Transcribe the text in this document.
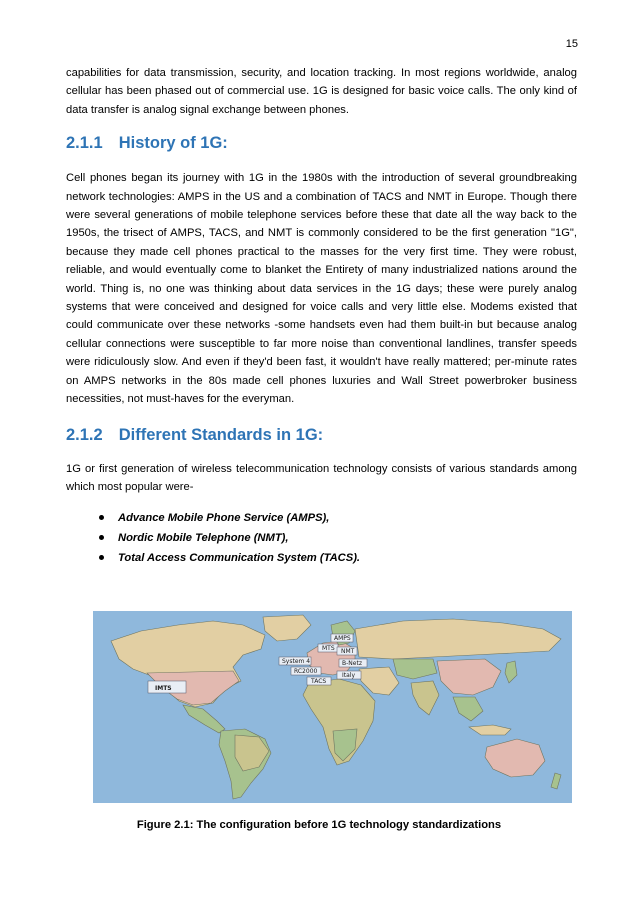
15

capabilities for data transmission, security, and location tracking. In most regions worldwide, analog cellular has been phased out of commercial use. 1G is designed for basic voice calls. The only kind of data transfer is analog signal exchange between phones.

2.1.1 History of 1G:

Cell phones began its journey with 1G in the 1980s with the introduction of several groundbreaking network technologies: AMPS in the US and a combination of TACS and NMT in Europe. Though there were several generations of mobile telephone services before these that date all the way back to the 1950s, the trisect of AMPS, TACS, and NMT is commonly considered to be the first generation "1G", because they made cell phones practical to the masses for the very first time. They were robust, reliable, and would eventually come to blanket the Entirety of many industrialized nations around the world. Thing is, no one was thinking about data services in the 1G days; these were purely analog systems that were conceived and designed for voice calls and very little else. Modems existed that could communicate over these networks -some handsets even had them built-in but because analog cellular connections were susceptible to far more noise than conventional landlines, transfer speeds were ridiculously slow. And even if they'd been fast, it wouldn't have really mattered; per-minute rates on AMPS networks in the 80s made cell phones luxuries and Wall Street powerbroker business necessities, not must-haves for the everyman.

2.1.2 Different Standards in 1G:

1G or first generation of wireless telecommunication technology consists of various standards among which most popular were-

Advance Mobile Phone Service (AMPS),
Nordic Mobile Telephone (NMT),
Total Access Communication System (TACS).
IMTS
AMPS
MTS
System 4
NMT
RC2000
TACS
B-Netz
Italy
Figure 2.1: The configuration before 1G technology standardizations
